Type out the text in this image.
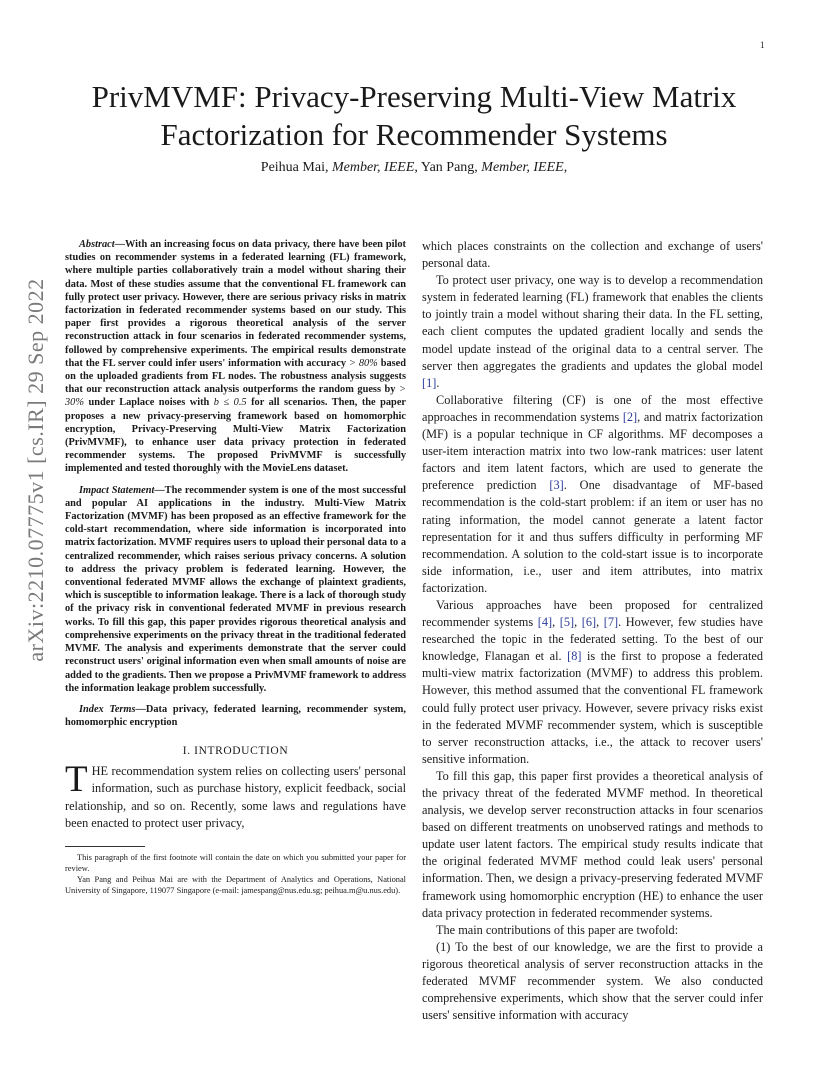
1
arXiv:2210.07775v1 [cs.IR] 29 Sep 2022
PrivMVMF: Privacy-Preserving Multi-View Matrix Factorization for Recommender Systems
Peihua Mai, Member, IEEE, Yan Pang, Member, IEEE,

Abstract—With an increasing focus on data privacy, there have been pilot studies on recommender systems in a federated learning (FL) framework, where multiple parties collaboratively train a model without sharing their data. Most of these studies assume that the conventional FL framework can fully protect user privacy. However, there are serious privacy risks in matrix factorization in federated recommender systems based on our study. This paper first provides a rigorous theoretical analysis of the server reconstruction attack in four scenarios in federated recommender systems, followed by comprehensive experiments. The empirical results demonstrate that the FL server could infer users' information with accuracy > 80% based on the uploaded gradients from FL nodes. The robustness analysis suggests that our reconstruction attack analysis outperforms the random guess by > 30% under Laplace noises with b ≤ 0.5 for all scenarios. Then, the paper proposes a new privacy-preserving framework based on homomorphic encryption, Privacy-Preserving Multi-View Matrix Factorization (PrivMVMF), to enhance user data privacy protection in federated recommender systems. The proposed PrivMVMF is successfully implemented and tested thoroughly with the MovieLens dataset.

Impact Statement—The recommender system is one of the most successful and popular AI applications in the industry. Multi-View Matrix Factorization (MVMF) has been proposed as an effective framework for the cold-start recommendation, where side information is incorporated into matrix factorization. MVMF requires users to upload their personal data to a centralized recommender, which raises serious privacy concerns. A solution to address the privacy problem is federated learning. However, the conventional federated MVMF allows the exchange of plaintext gradients, which is susceptible to information leakage. There is a lack of thorough study of the privacy risk in conventional federated MVMF in previous research works. To fill this gap, this paper provides rigorous theoretical analysis and comprehensive experiments on the privacy threat in the traditional federated MVMF. The analysis and experiments demonstrate that the server could reconstruct users' original information even when small amounts of noise are added to the gradients. Then we propose a PrivMVMF framework to address the information leakage problem successfully.

Index Terms—Data privacy, federated learning, recommender system, homomorphic encryption

I. INTRODUCTION

THE recommendation system relies on collecting users' personal information, such as purchase history, explicit feedback, social relationship, and so on. Recently, some laws and regulations have been enacted to protect user privacy,

This paragraph of the first footnote will contain the date on which you submitted your paper for review.

Yan Pang and Peihua Mai are with the Department of Analytics and Operations, National University of Singapore, 119077 Singapore (e-mail: jamespang@nus.edu.sg; peihua.m@u.nus.edu).

which places constraints on the collection and exchange of users' personal data.

To protect user privacy, one way is to develop a recommendation system in federated learning (FL) framework that enables the clients to jointly train a model without sharing their data. In the FL setting, each client computes the updated gradient locally and sends the model update instead of the original data to a central server. The server then aggregates the gradients and updates the global model [1].

Collaborative filtering (CF) is one of the most effective approaches in recommendation systems [2], and matrix factorization (MF) is a popular technique in CF algorithms. MF decomposes a user-item interaction matrix into two low-rank matrices: user latent factors and item latent factors, which are used to generate the preference prediction [3]. One disadvantage of MF-based recommendation is the cold-start problem: if an item or user has no rating information, the model cannot generate a latent factor representation for it and thus suffers difficulty in performing MF recommendation. A solution to the cold-start issue is to incorporate side information, i.e., user and item attributes, into matrix factorization.

Various approaches have been proposed for centralized recommender systems [4], [5], [6], [7]. However, few studies have researched the topic in the federated setting. To the best of our knowledge, Flanagan et al. [8] is the first to propose a federated multi-view matrix factorization (MVMF) to address this problem. However, this method assumed that the conventional FL framework could fully protect user privacy. However, severe privacy risks exist in the federated MVMF recommender system, which is susceptible to server reconstruction attacks, i.e., the attack to recover users' sensitive information.

To fill this gap, this paper first provides a theoretical analysis of the privacy threat of the federated MVMF method. In theoretical analysis, we develop server reconstruction attacks in four scenarios based on different treatments on unobserved ratings and methods to update user latent factors. The empirical study results indicate that the original federated MVMF method could leak users' personal information. Then, we design a privacy-preserving federated MVMF framework using homomorphic encryption (HE) to enhance the user data privacy protection in federated recommender systems.

The main contributions of this paper are twofold:

(1) To the best of our knowledge, we are the first to provide a rigorous theoretical analysis of server reconstruction attacks in the federated MVMF recommender system. We also conducted comprehensive experiments, which show that the server could infer users' sensitive information with accuracy
